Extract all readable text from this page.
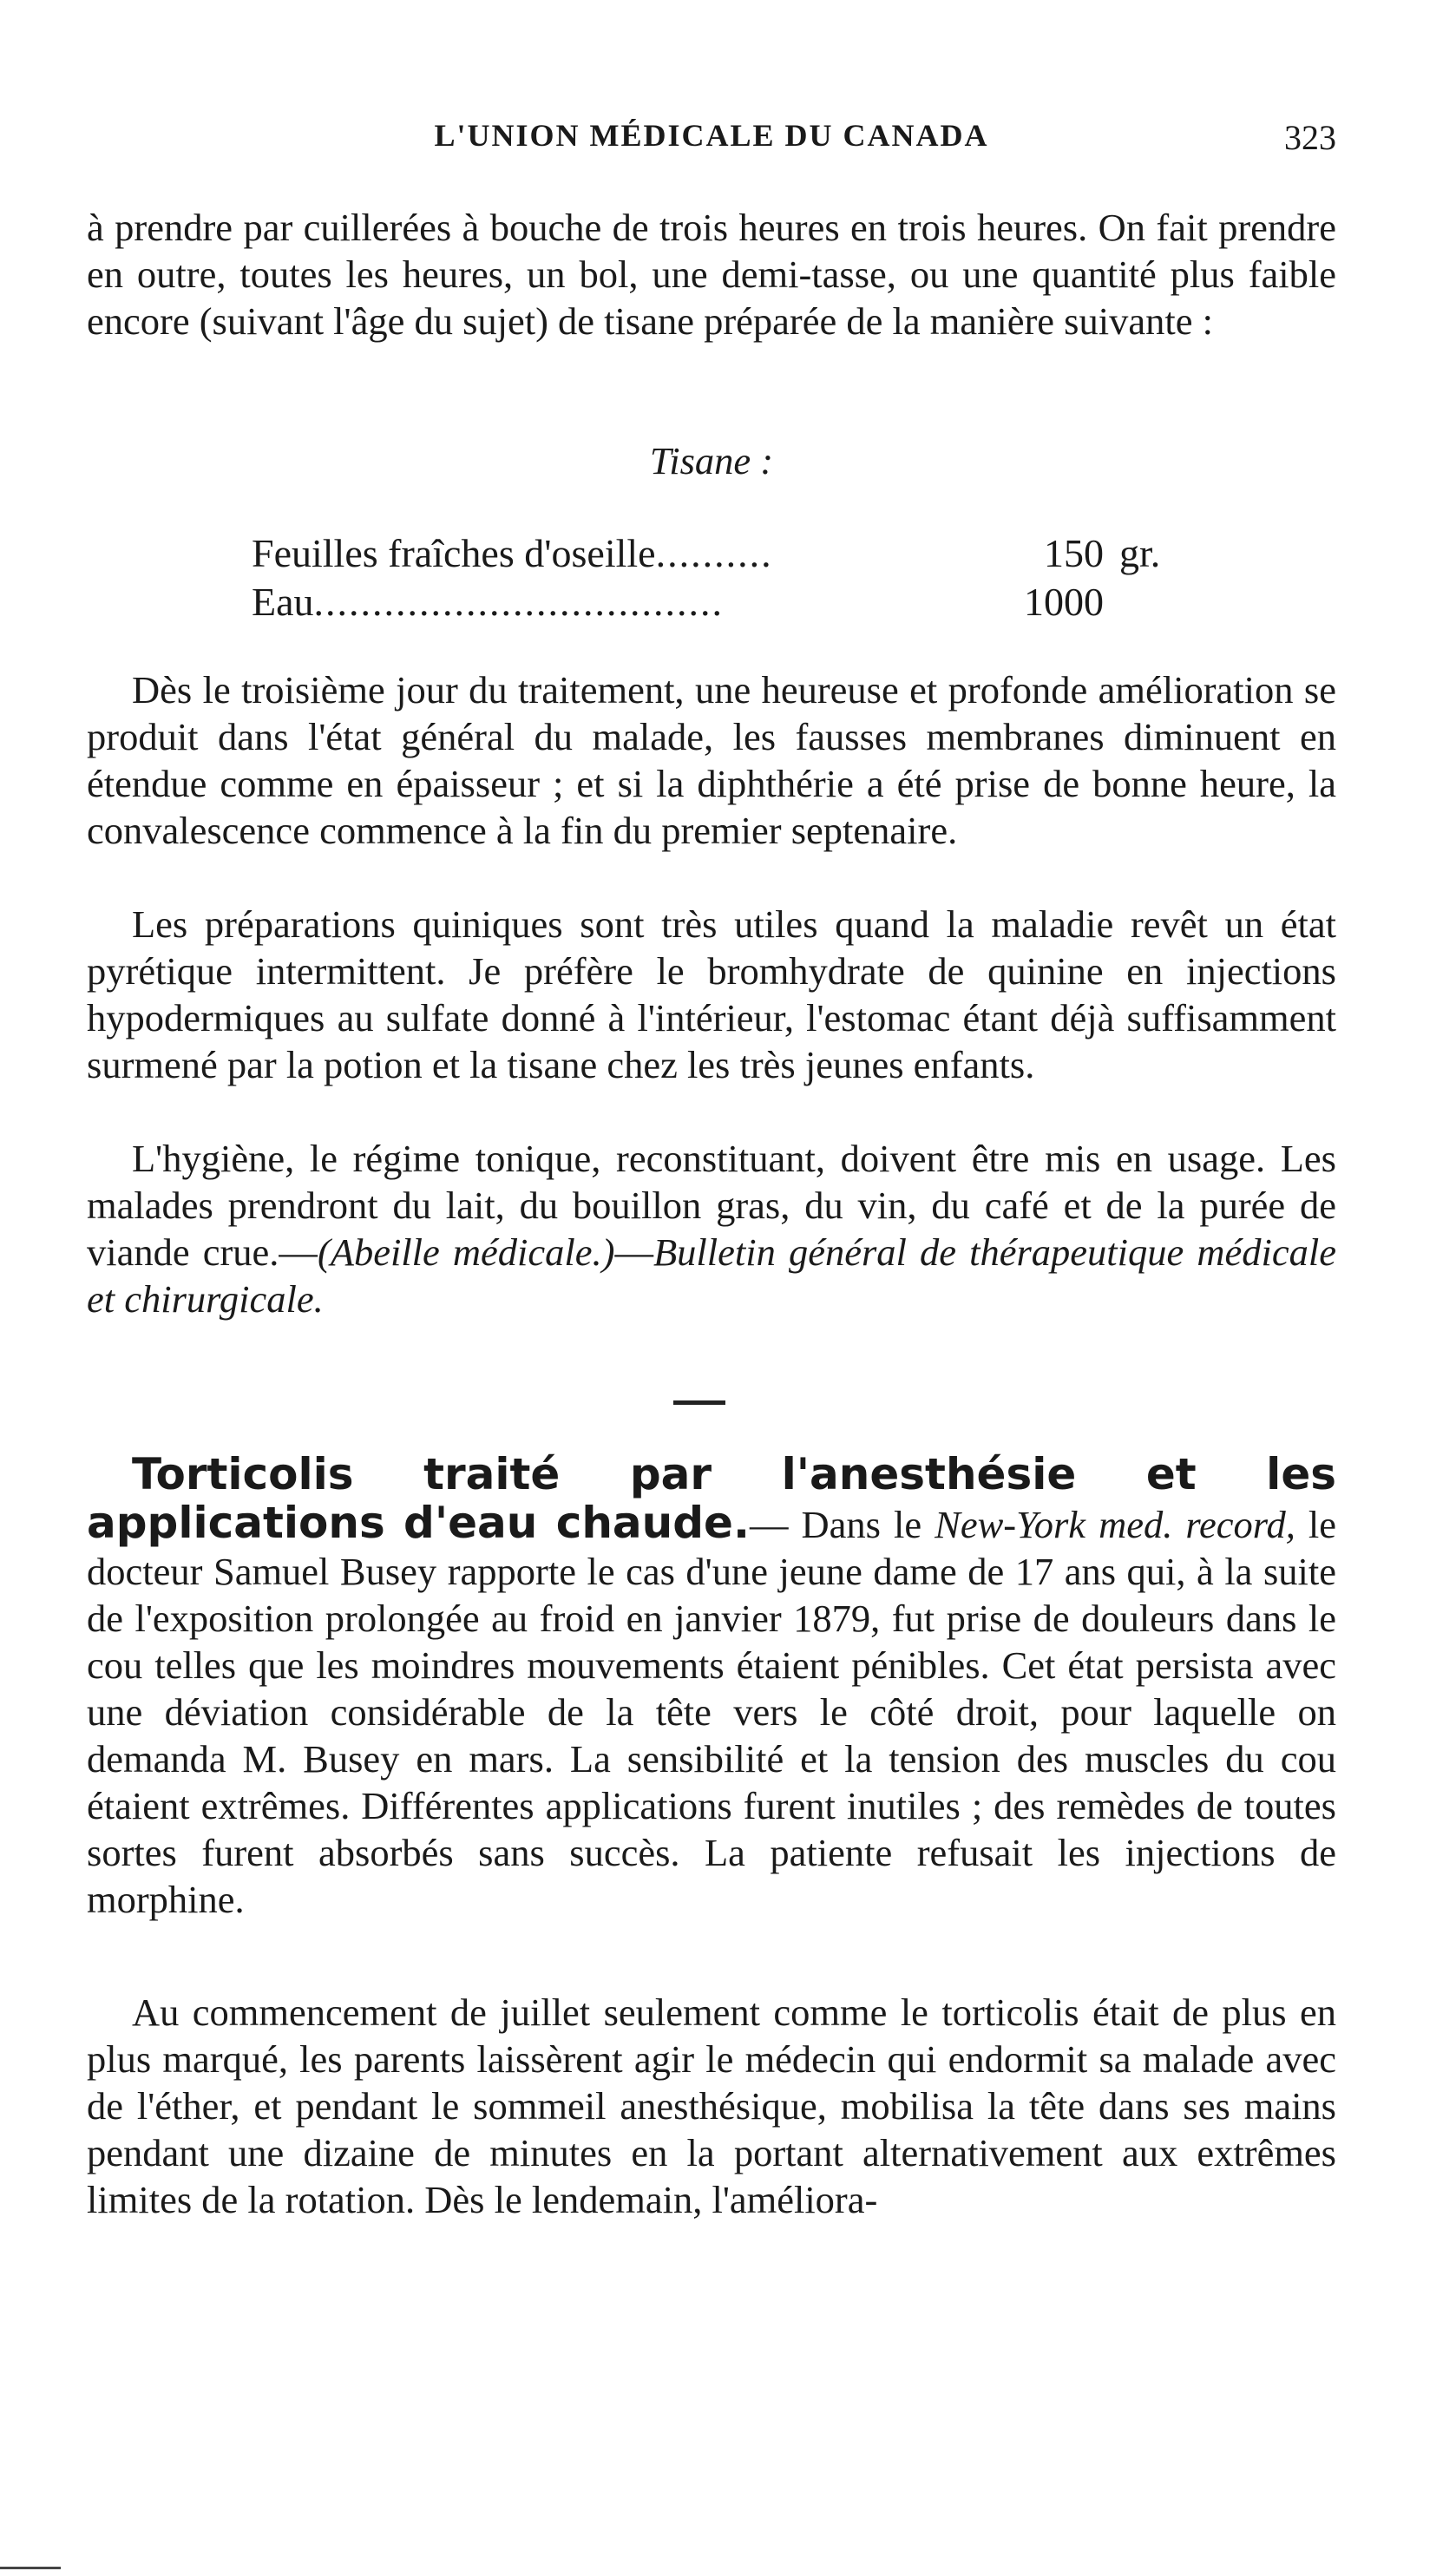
L'UNION MÉDICALE DU CANADA	323

à prendre par cuillerées à bouche de trois heures en trois heures. On fait prendre en outre, toutes les heures, un bol, une demi-tasse, ou une quantité plus faible encore (suivant l'âge du sujet) de tisane préparée de la manière suivante :

Tisane :
Feuilles fraîches d'oseille ..........	150 gr.
Eau ...................................	1000

Dès le troisième jour du traitement, une heureuse et profonde amélioration se produit dans l'état général du malade, les fausses membranes diminuent en étendue comme en épaisseur ; et si la diphthérie a été prise de bonne heure, la convalescence commence à la fin du premier septenaire.

Les préparations quiniques sont très utiles quand la maladie revêt un état pyrétique intermittent. Je préfère le bromhydrate de quinine en injections hypodermiques au sulfate donné à l'intérieur, l'estomac étant déjà suffisamment surmené par la potion et la tisane chez les très jeunes enfants.

L'hygiène, le régime tonique, reconstituant, doivent être mis en usage. Les malades prendront du lait, du bouillon gras, du vin, du café et de la purée de viande crue.—(Abeille médicale.)—Bulletin général de thérapeutique médicale et chirurgicale.

Torticolis traité par l'anesthésie et les applications d'eau chaude.— Dans le New-York med. record, le docteur Samuel Busey rapporte le cas d'une jeune dame de 17 ans qui, à la suite de l'exposition prolongée au froid en janvier 1879, fut prise de douleurs dans le cou telles que les moindres mouvements étaient pénibles. Cet état persista avec une déviation considérable de la tête vers le côté droit, pour laquelle on demanda M. Busey en mars. La sensibilité et la tension des muscles du cou étaient extrêmes. Différentes applications furent inutiles ; des remèdes de toutes sortes furent absorbés sans succès. La patiente refusait les injections de morphine.

Au commencement de juillet seulement comme le torticolis était de plus en plus marqué, les parents laissèrent agir le médecin qui endormit sa malade avec de l'éther, et pendant le sommeil anesthésique, mobilisa la tête dans ses mains pendant une dizaine de minutes en la portant alternativement aux extrêmes limites de la rotation. Dès le lendemain, l'améliora-
